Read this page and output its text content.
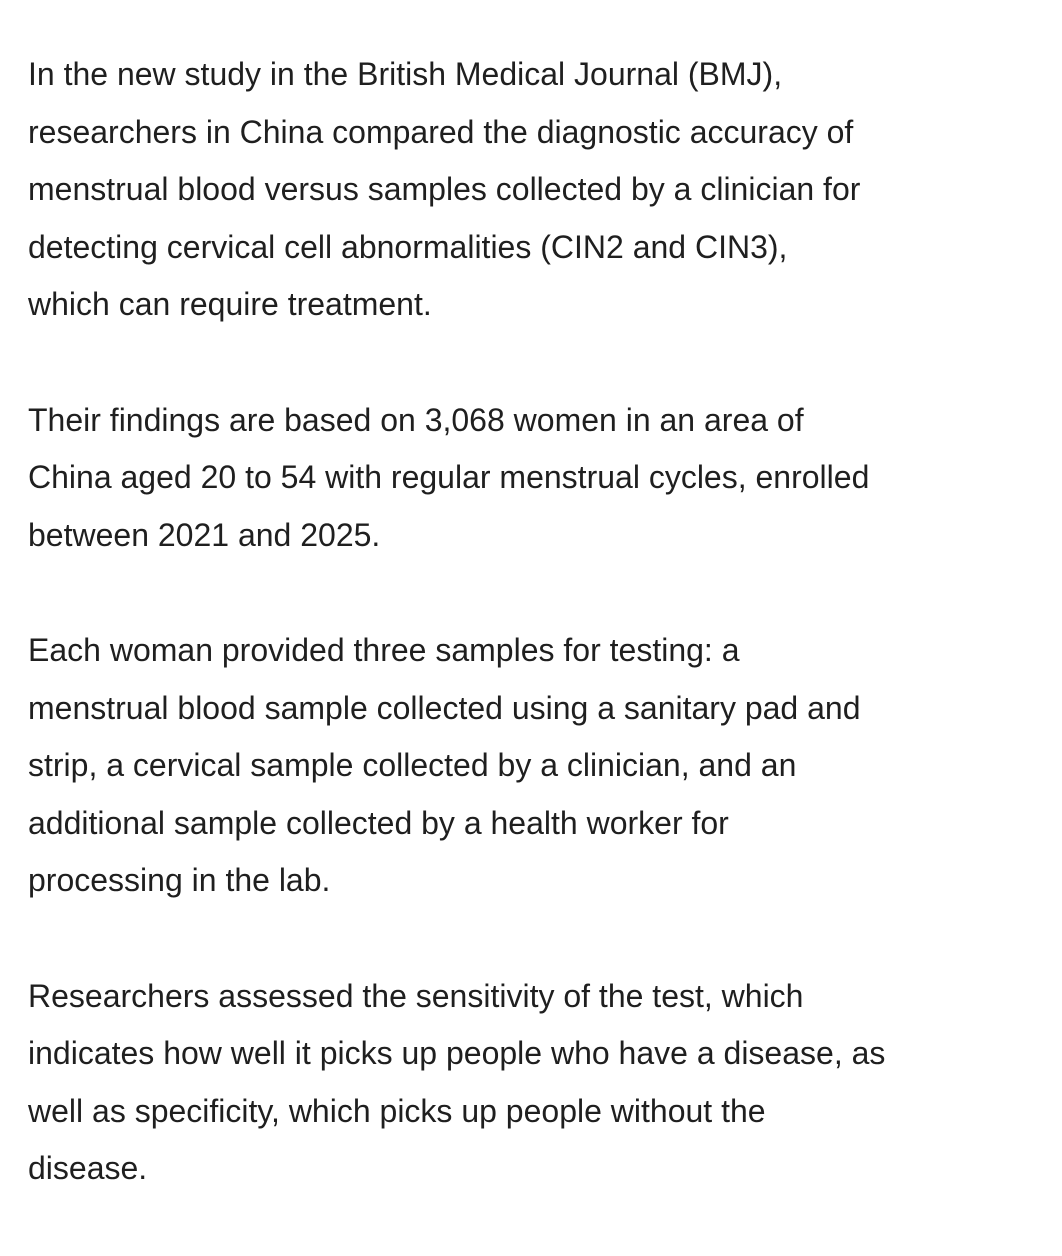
In the new study in the British Medical Journal (BMJ),
researchers in China compared the diagnostic accuracy of
menstrual blood versus samples collected by a clinician for
detecting cervical cell abnormalities (CIN2 and CIN3),
which can require treatment.

Their findings are based on 3,068 women in an area of
China aged 20 to 54 with regular menstrual cycles, enrolled
between 2021 and 2025.

Each woman provided three samples for testing: a
menstrual blood sample collected using a sanitary pad and
strip, a cervical sample collected by a clinician, and an
additional sample collected by a health worker for
processing in the lab.

Researchers assessed the sensitivity of the test, which
indicates how well it picks up people who have a disease, as
well as specificity, which picks up people without the
disease.
